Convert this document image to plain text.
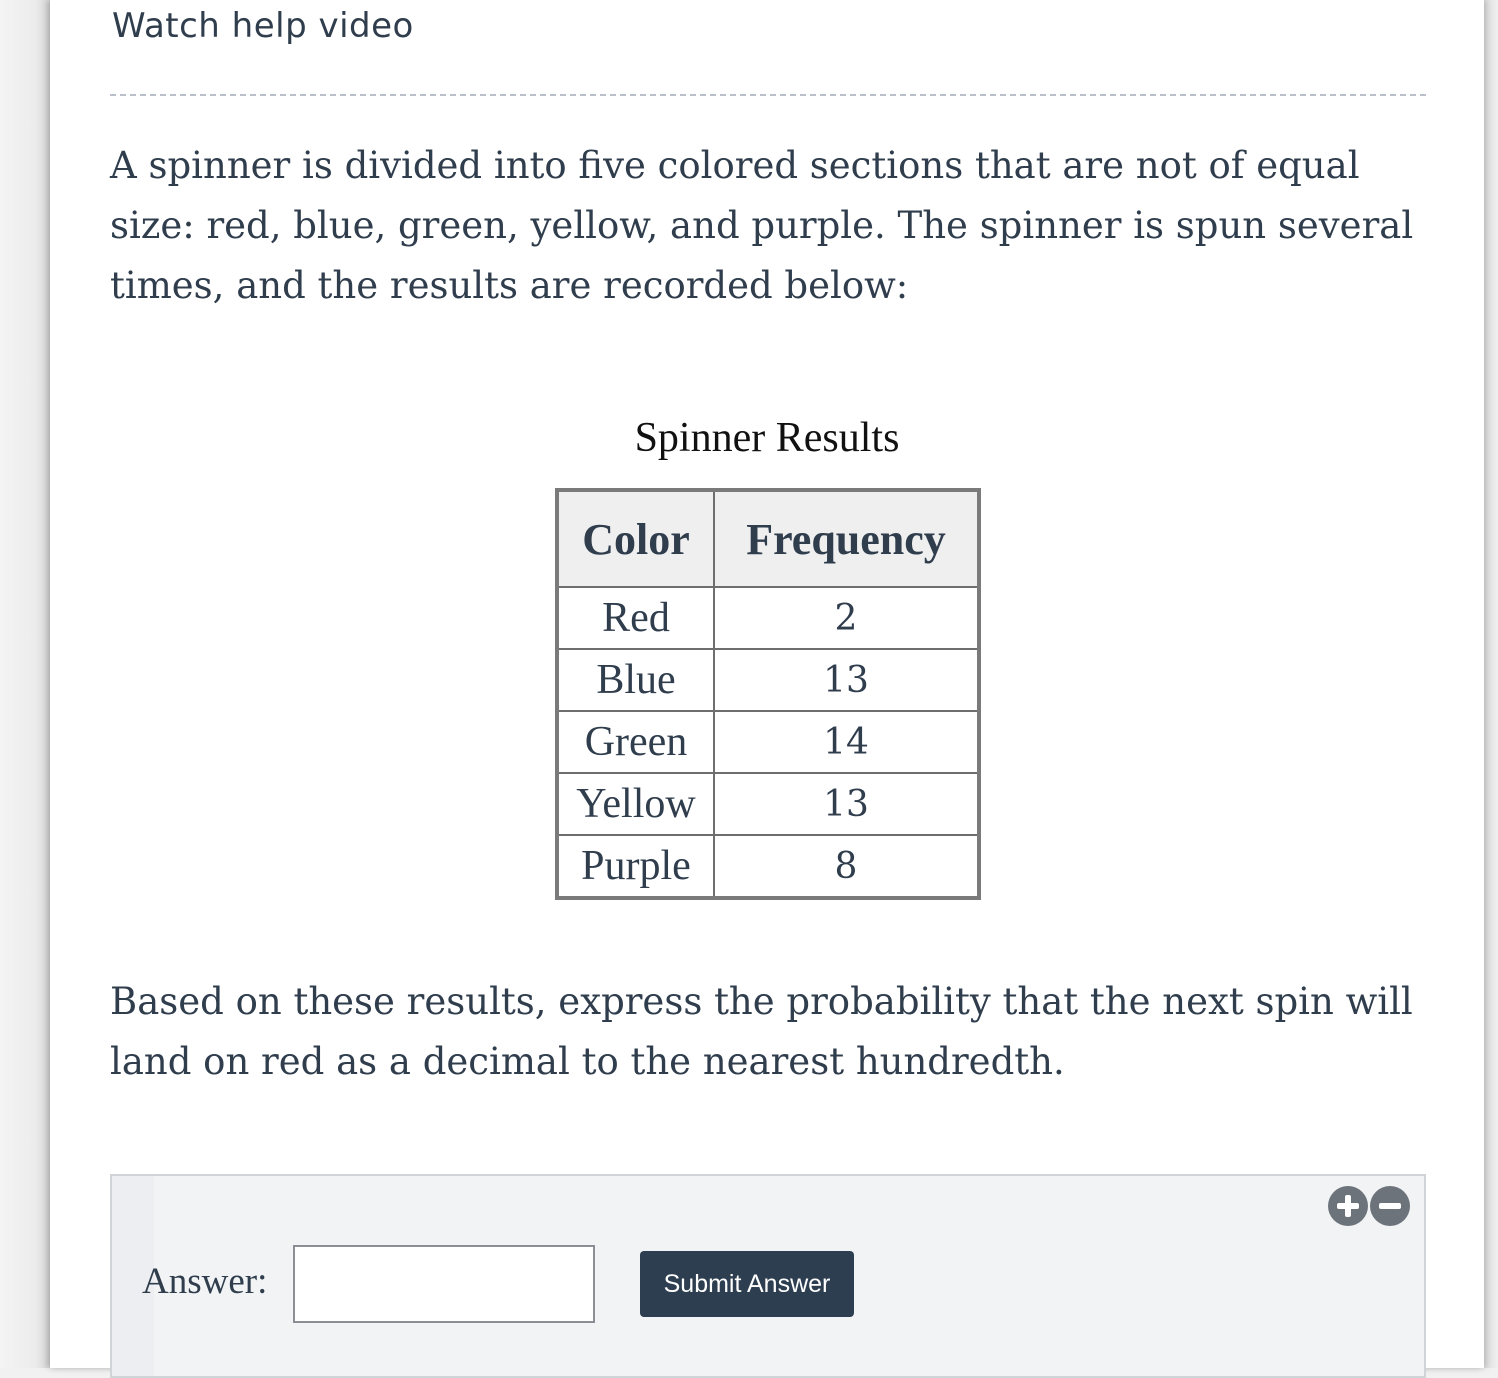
Watch help video

A spinner is divided into five colored sections that are not of equal size: red, blue, green, yellow, and purple. The spinner is spun several times, and the results are recorded below:

Spinner Results
Color	Frequency
Red	2
Blue	13
Green	14
Yellow	13
Purple	8

Based on these results, express the probability that the next spin will land on red as a decimal to the nearest hundredth.

Answer:	Submit Answer
